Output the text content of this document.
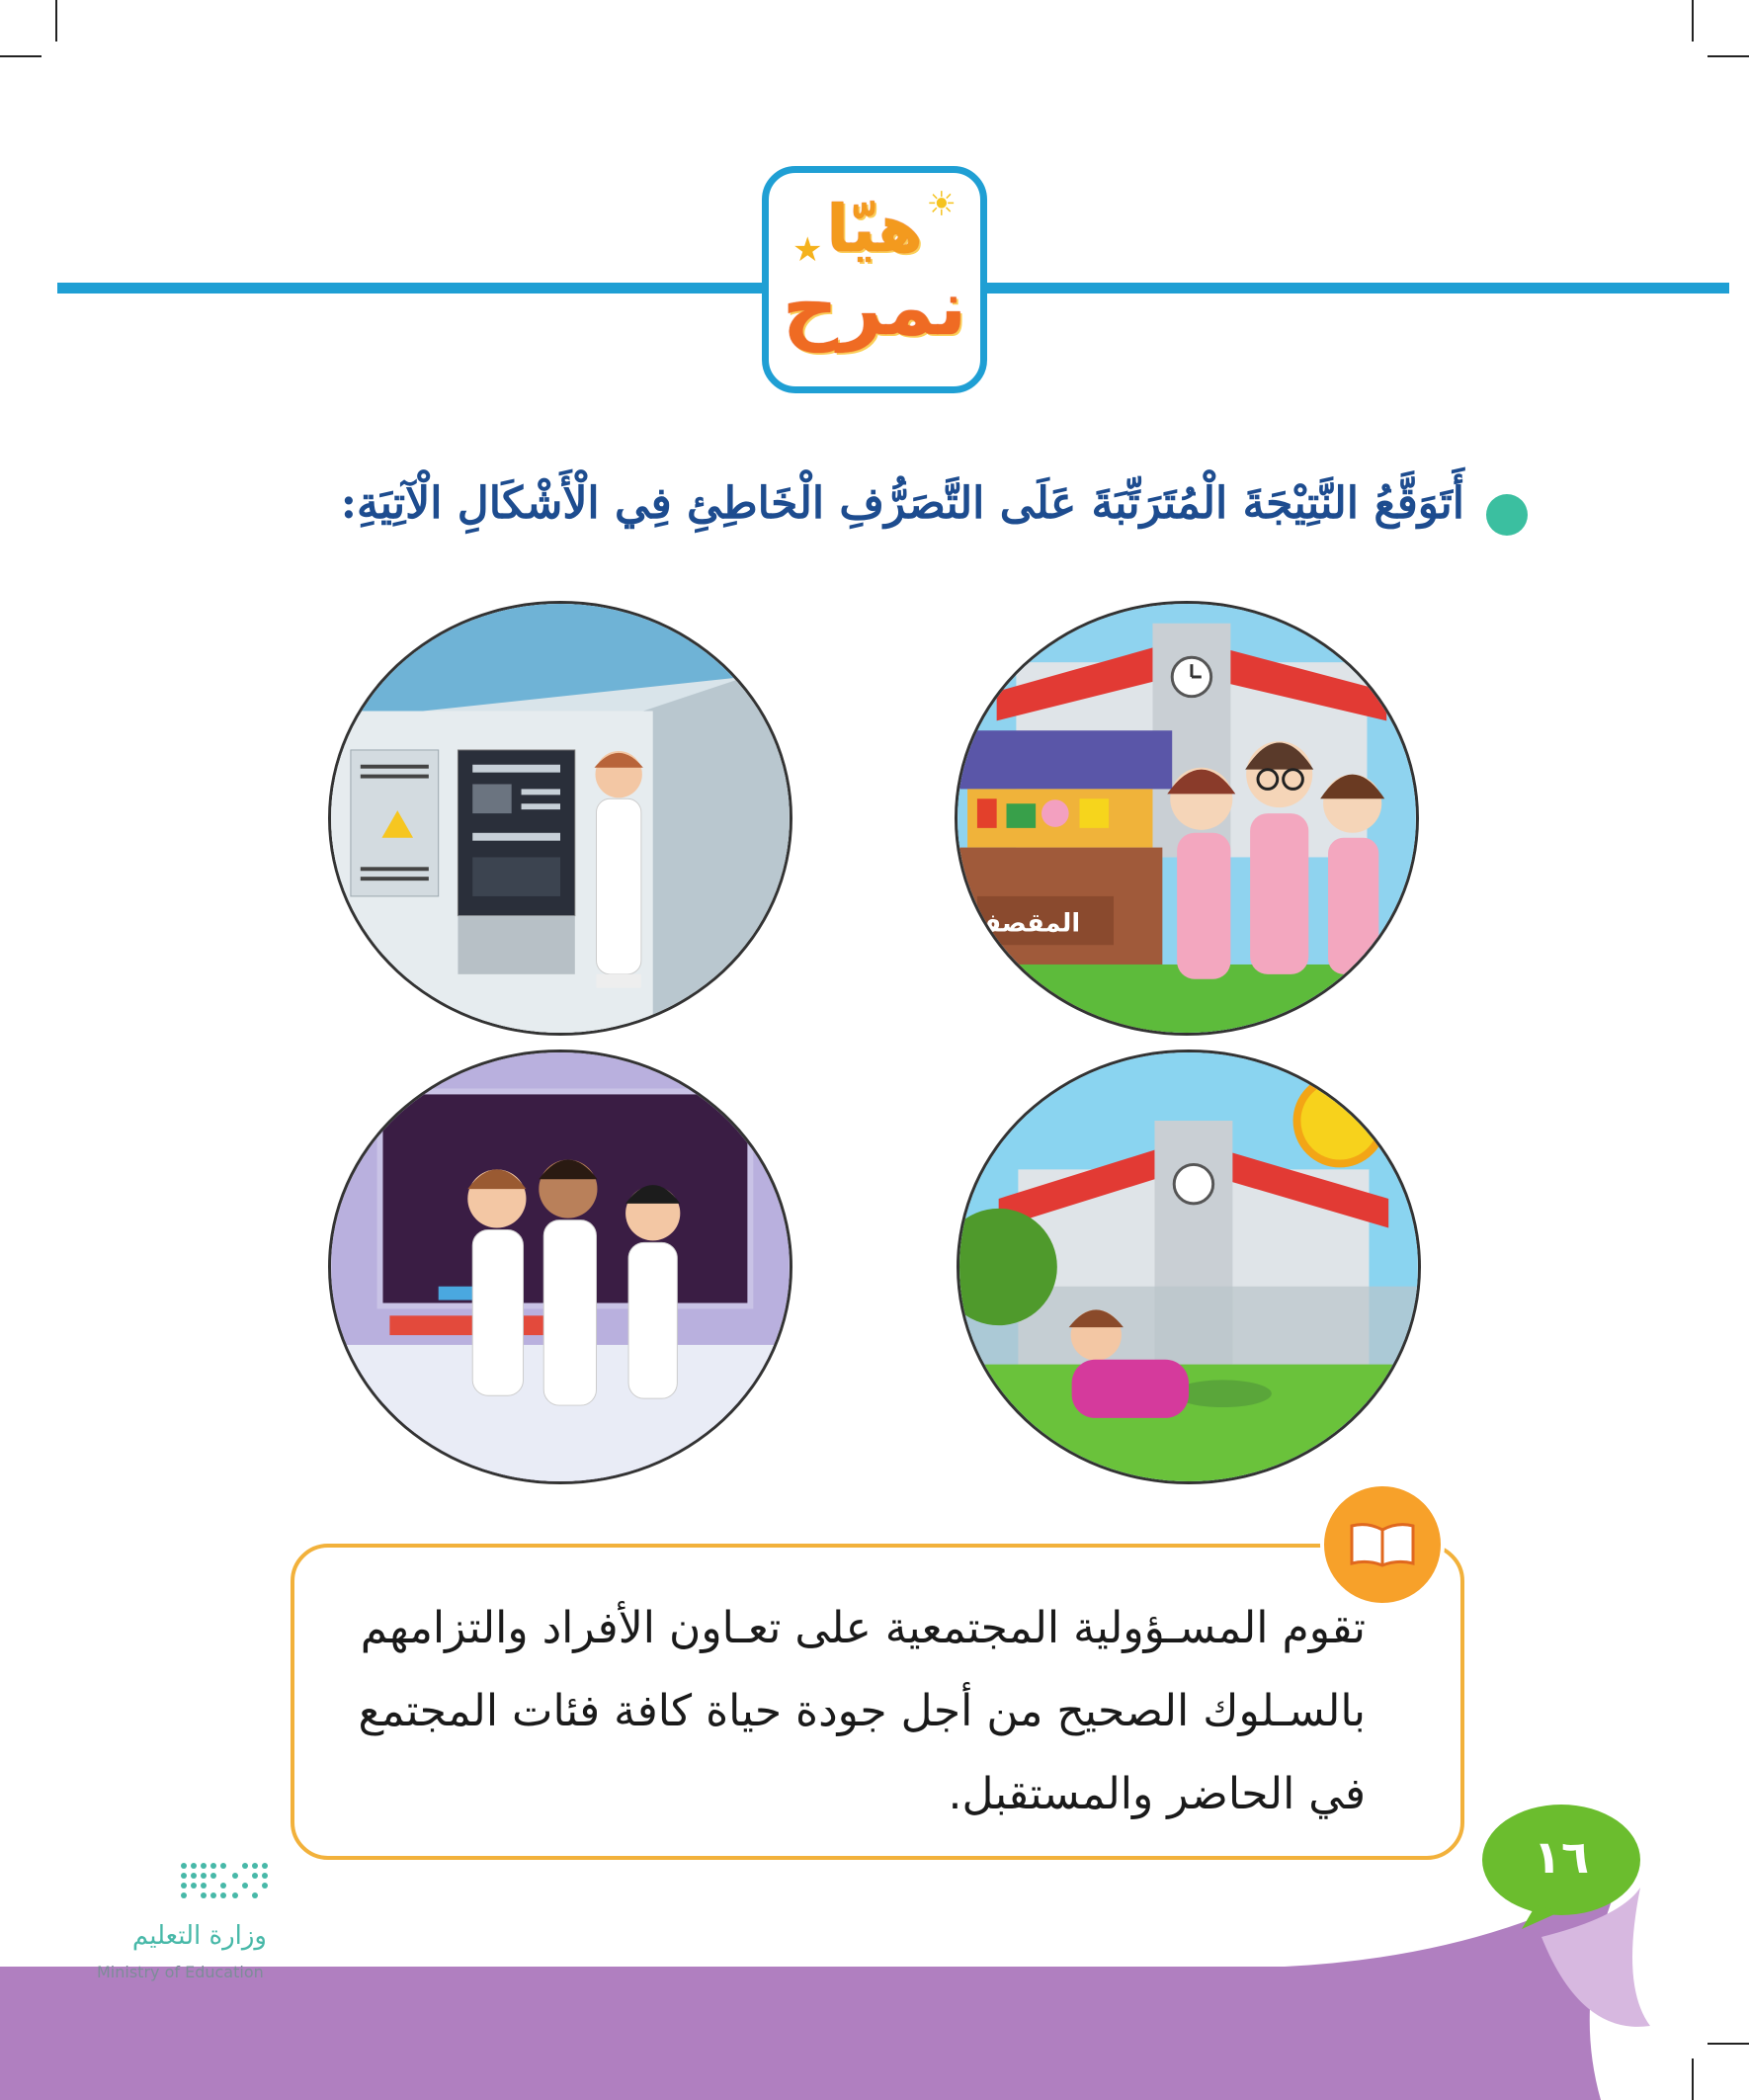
★
☀
هيّا
نمرح
أَتَوَقَّعُ النَّتِيْجَةَ الْمُتَرَتِّبَةَ عَلَى التَّصَرُّفِ الْخَاطِئِ فِي الْأَشْكَالِ الْآتِيَةِ:
المقصف
تقوم المسـؤولية المجتمعية على تعـاون الأفراد والتزامهم
بالسـلوك الصحيح من أجل جودة حياة كافة فئات المجتمع
في الحاضر والمستقبل.
١٦
وزارة التعليم
Ministry of Education
